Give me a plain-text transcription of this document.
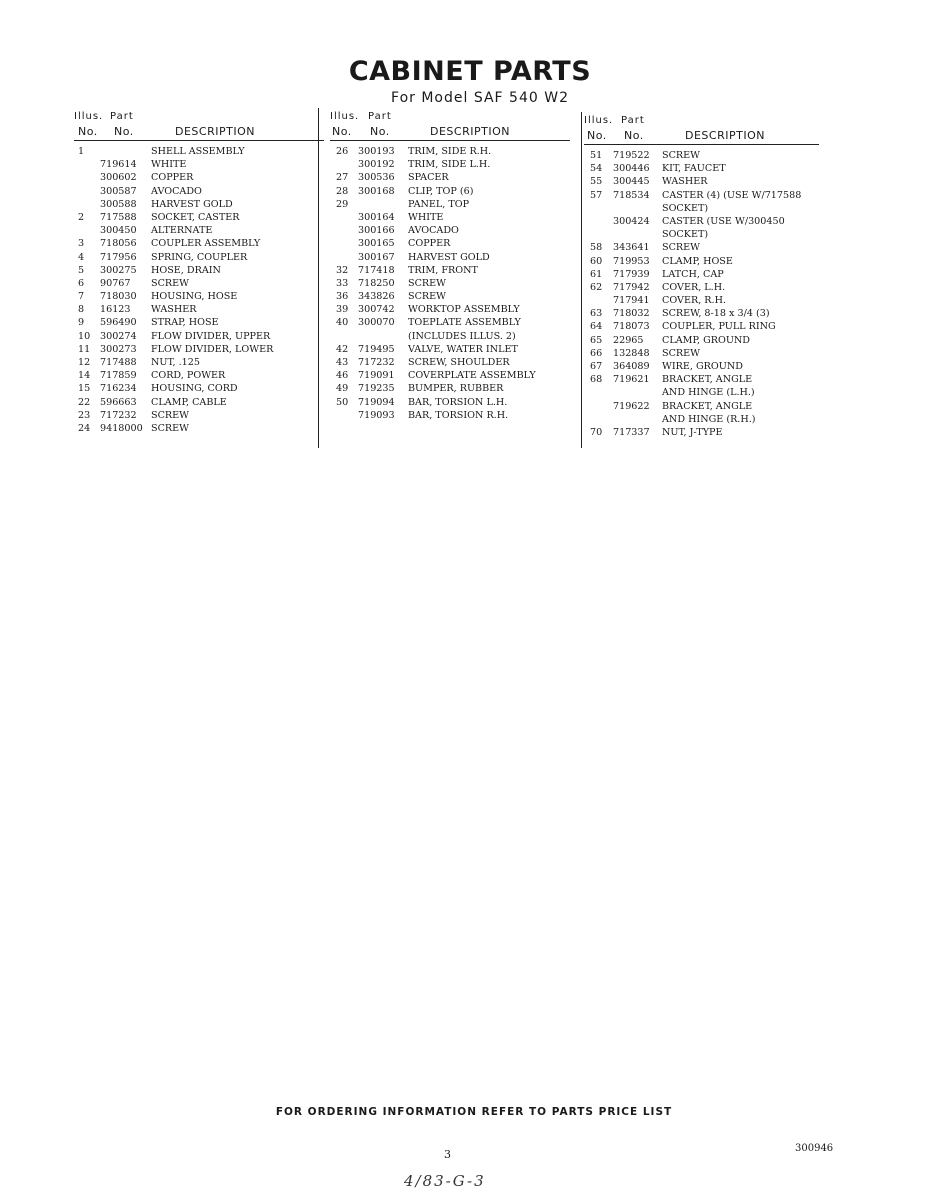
CABINET PARTS
For Model SAF 540 W2
Illus. Part
No. No.	DESCRIPTION
1	SHELL ASSEMBLY
719614 WHITE
300602 COPPER
300587 AVOCADO
300588 HARVEST GOLD
2 717588 SOCKET, CASTER
300450 ALTERNATE
3 718056 COUPLER ASSEMBLY
4 717956 SPRING, COUPLER
5 300275 HOSE, DRAIN
6 90767 SCREW
7 718030 HOUSING, HOSE
8 16123 WASHER
9 596490 STRAP, HOSE
10 300274 FLOW DIVIDER, UPPER
11 300273 FLOW DIVIDER, LOWER
12 717488 NUT, .125
14 717859 CORD, POWER
15 716234 HOUSING, CORD
22 596663 CLAMP, CABLE
23 717232 SCREW
24 9418000 SCREW
Illus. Part
No. No.	DESCRIPTION
26 300193 TRIM, SIDE R.H.
300192 TRIM, SIDE L.H.
27 300536 SPACER
28 300168 CLIP, TOP (6)
29	PANEL, TOP
300164 WHITE
300166 AVOCADO
300165 COPPER
300167 HARVEST GOLD
32 717418 TRIM, FRONT
33 718250 SCREW
36 343826 SCREW
39 300742 WORKTOP ASSEMBLY
40 300070 TOEPLATE ASSEMBLY
(INCLUDES ILLUS. 2)
42 719495 VALVE, WATER INLET
43 717232 SCREW, SHOULDER
46 719091 COVERPLATE ASSEMBLY
49 719235 BUMPER, RUBBER
50 719094 BAR, TORSION L.H.
719093 BAR, TORSION R.H.
Illus. Part
No. No.	DESCRIPTION
51 719522 SCREW
54 300446 KIT, FAUCET
55 300445 WASHER
57 718534 CASTER (4) (USE W/717588
SOCKET)
300424 CASTER (USE W/300450
SOCKET)
58 343641 SCREW
60 719953 CLAMP, HOSE
61 717939 LATCH, CAP
62 717942 COVER, L.H.
717941 COVER, R.H.
63 718032 SCREW, 8-18 x 3/4 (3)
64 718073 COUPLER, PULL RING
65 22965 CLAMP, GROUND
66 132848 SCREW
67 364089 WIRE, GROUND
68 719621 BRACKET, ANGLE
AND HINGE (L.H.)
719622 BRACKET, ANGLE
AND HINGE (R.H.)
70 717337 NUT, J-TYPE
FOR ORDERING INFORMATION REFER TO PARTS PRICE LIST
3	300946
4/83-G-3
